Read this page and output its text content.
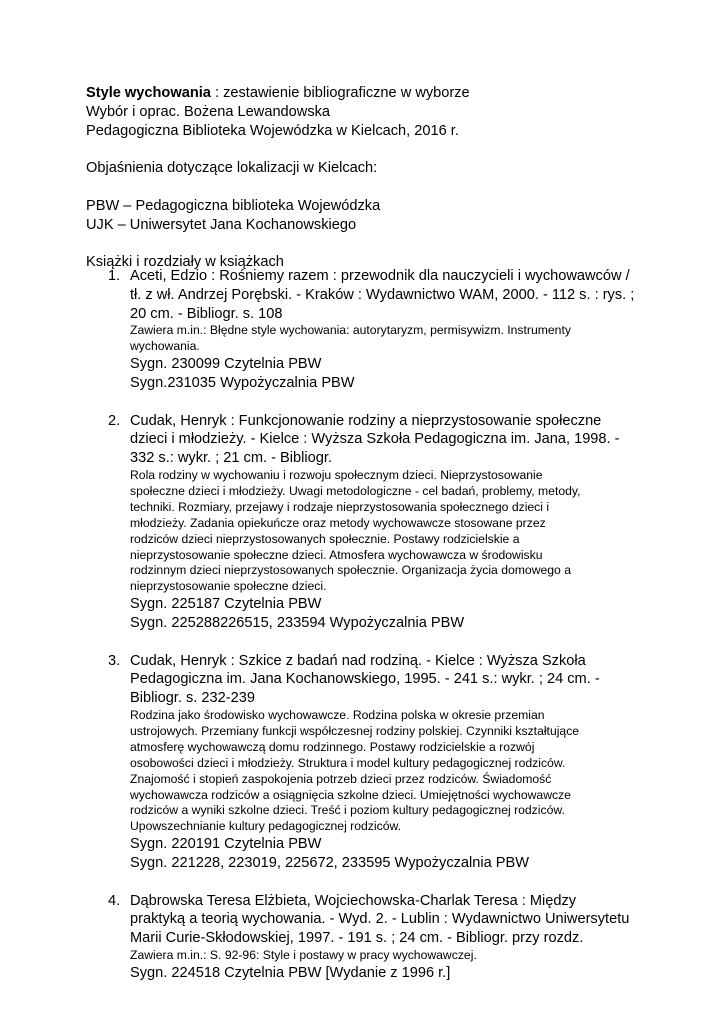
Style wychowania : zestawienie bibliograficzne w wyborze
Wybór i oprac. Bożena Lewandowska
Pedagogiczna Biblioteka Wojewódzka w Kielcach, 2016 r.
Objaśnienia dotyczące lokalizacji w Kielcach:
PBW – Pedagogiczna biblioteka Wojewódzka
UJK – Uniwersytet Jana Kochanowskiego
Książki i rozdziały w książkach
1. Aceti, Edzio : Rośniemy razem : przewodnik dla nauczycieli i wychowawców /
tł. z wł. Andrzej Porębski. - Kraków : Wydawnictwo WAM, 2000. - 112 s. : rys. ;
20 cm. - Bibliogr. s. 108
Zawiera m.in.: Błędne style wychowania: autorytaryzm, permisywizm. Instrumenty
wychowania.
Sygn. 230099 Czytelnia PBW
Sygn.231035 Wypożyczalnia PBW
2. Cudak, Henryk : Funkcjonowanie rodziny a nieprzystosowanie społeczne
dzieci i młodzieży. - Kielce : Wyższa Szkoła Pedagogiczna im. Jana, 1998. -
332 s.: wykr. ; 21 cm. - Bibliogr.
Rola rodziny w wychowaniu i rozwoju społecznym dzieci. Nieprzystosowanie
społeczne dzieci i młodzieży. Uwagi metodologiczne - cel badań, problemy, metody,
techniki. Rozmiary, przejawy i rodzaje nieprzystosowania społecznego dzieci i
młodzieży. Zadania opiekuńcze oraz metody wychowawcze stosowane przez
rodziców dzieci nieprzystosowanych społecznie. Postawy rodzicielskie a
nieprzystosowanie społeczne dzieci. Atmosfera wychowawcza w środowisku
rodzinnym dzieci nieprzystosowanych społecznie. Organizacja życia domowego a
nieprzystosowanie społeczne dzieci.
Sygn. 225187 Czytelnia PBW
Sygn. 225288226515, 233594 Wypożyczalnia PBW
3. Cudak, Henryk : Szkice z badań nad rodziną. - Kielce : Wyższa Szkoła
Pedagogiczna im. Jana Kochanowskiego, 1995. - 241 s.: wykr. ; 24 cm. -
Bibliogr. s. 232-239
Rodzina jako środowisko wychowawcze. Rodzina polska w okresie przemian
ustrojowych. Przemiany funkcji współczesnej rodziny polskiej. Czynniki kształtujące
atmosferę wychowawczą domu rodzinnego. Postawy rodzicielskie a rozwój
osobowości dzieci i młodzieży. Struktura i model kultury pedagogicznej rodziców.
Znajomość i stopień zaspokojenia potrzeb dzieci przez rodziców. Świadomość
wychowawcza rodziców a osiągnięcia szkolne dzieci. Umiejętności wychowawcze
rodziców a wyniki szkolne dzieci. Treść i poziom kultury pedagogicznej rodziców.
Upowszechnianie kultury pedagogicznej rodziców.
Sygn. 220191 Czytelnia PBW
Sygn. 221228, 223019, 225672, 233595 Wypożyczalnia PBW
4. Dąbrowska Teresa Elżbieta, Wojciechowska-Charlak Teresa : Między
praktyką a teorią wychowania. - Wyd. 2. - Lublin : Wydawnictwo Uniwersytetu
Marii Curie-Skłodowskiej, 1997. - 191 s. ; 24 cm. - Bibliogr. przy rozdz.
Zawiera m.in.: S. 92-96: Style i postawy w pracy wychowawczej.
Sygn. 224518 Czytelnia PBW [Wydanie z 1996 r.]
